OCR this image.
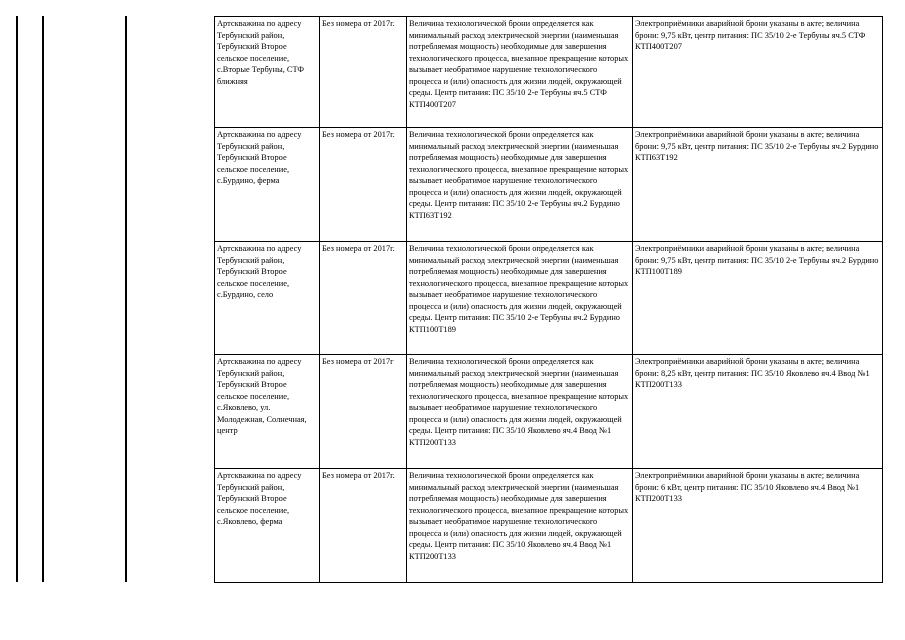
Артскважина по адресу Тербунский район, Тербунский Второе сельское поселение, с.Вторые Тербуны, СТФ ближняя	Без номера от 2017г.	Величина технологической брони определяется как минимальный расход электрической энергии (наименьшая потребляемая мощность) необходимые для завершения технологического процесса, внезапное прекращение которых вызывает необратимое нарушение технологического процесса и (или) опасность для жизни людей, окружающей среды. Центр питания: ПС 35/10 2-е Тербуны яч.5 СТФ КТП400Т207	Электроприёмники аварийной брони указаны в акте; величина брони: 9,75 кВт, центр питания: ПС 35/10 2-е Тербуны яч.5 СТФ КТП400Т207
Артскважина по адресу Тербунский район, Тербунский Второе сельское поселение, с.Бурдино, ферма	Без номера от 2017г.	Величина технологической брони определяется как минимальный расход электрической энергии (наименьшая потребляемая мощность) необходимые для завершения технологического процесса, внезапное прекращение которых вызывает необратимое нарушение технологического процесса и (или) опасность для жизни людей, окружающей среды. Центр питания: ПС 35/10 2-е Тербуны яч.2 Бурдино КТП63Т192	Электроприёмники аварийной брони указаны в акте; величина брони: 9,75 кВт, центр питания: ПС 35/10 2-е Тербуны яч.2 Бурдино КТП63Т192
Артскважина по адресу Тербунский район, Тербунский Второе сельское поселение, с.Бурдино, село	Без номера от 2017г.	Величина технологической брони определяется как минимальный расход электрической энергии (наименьшая потребляемая мощность) необходимые для завершения технологического процесса, внезапное прекращение которых вызывает необратимое нарушение технологического процесса и (или) опасность для жизни людей, окружающей среды. Центр питания: ПС 35/10 2-е Тербуны яч.2 Бурдино КТП100Т189	Электроприёмники аварийной брони указаны в акте; величина брони: 9,75 кВт, центр питания: ПС 35/10 2-е Тербуны яч.2 Бурдино КТП100Т189
Артскважина по адресу Тербунский район, Тербунский Второе сельское поселение, с.Яковлево, ул. Молодежная, Солнечная, центр	Без номера от 2017г	Величина технологической брони определяется как минимальный расход электрической энергии (наименьшая потребляемая мощность) необходимые для завершения технологического процесса, внезапное прекращение которых вызывает необратимое нарушение технологического процесса и (или) опасность для жизни людей, окружающей среды. Центр питания: ПС 35/10 Яковлево яч.4 Ввод №1 КТП200Т133	Электроприёмники аварийной брони указаны в акте; величина брони: 8,25 кВт, центр питания: ПС 35/10 Яковлево яч.4 Ввод №1 КТП200Т133
Артскважина по адресу Тербунский район, Тербунский Второе сельское поселение, с.Яковлево, ферма	Без номера от 2017г.	Величина технологической брони определяется как минимальный расход электрической энергии (наименьшая потребляемая мощность) необходимые для завершения технологического процесса, внезапное прекращение которых вызывает необратимое нарушение технологического процесса и (или) опасность для жизни людей, окружающей среды. Центр питания: ПС 35/10 Яковлево яч.4 Ввод №1 КТП200Т133	Электроприёмники аварийной брони указаны в акте; величина брони: 6 кВт, центр питания: ПС 35/10 Яковлево яч.4 Ввод №1 КТП200Т133
